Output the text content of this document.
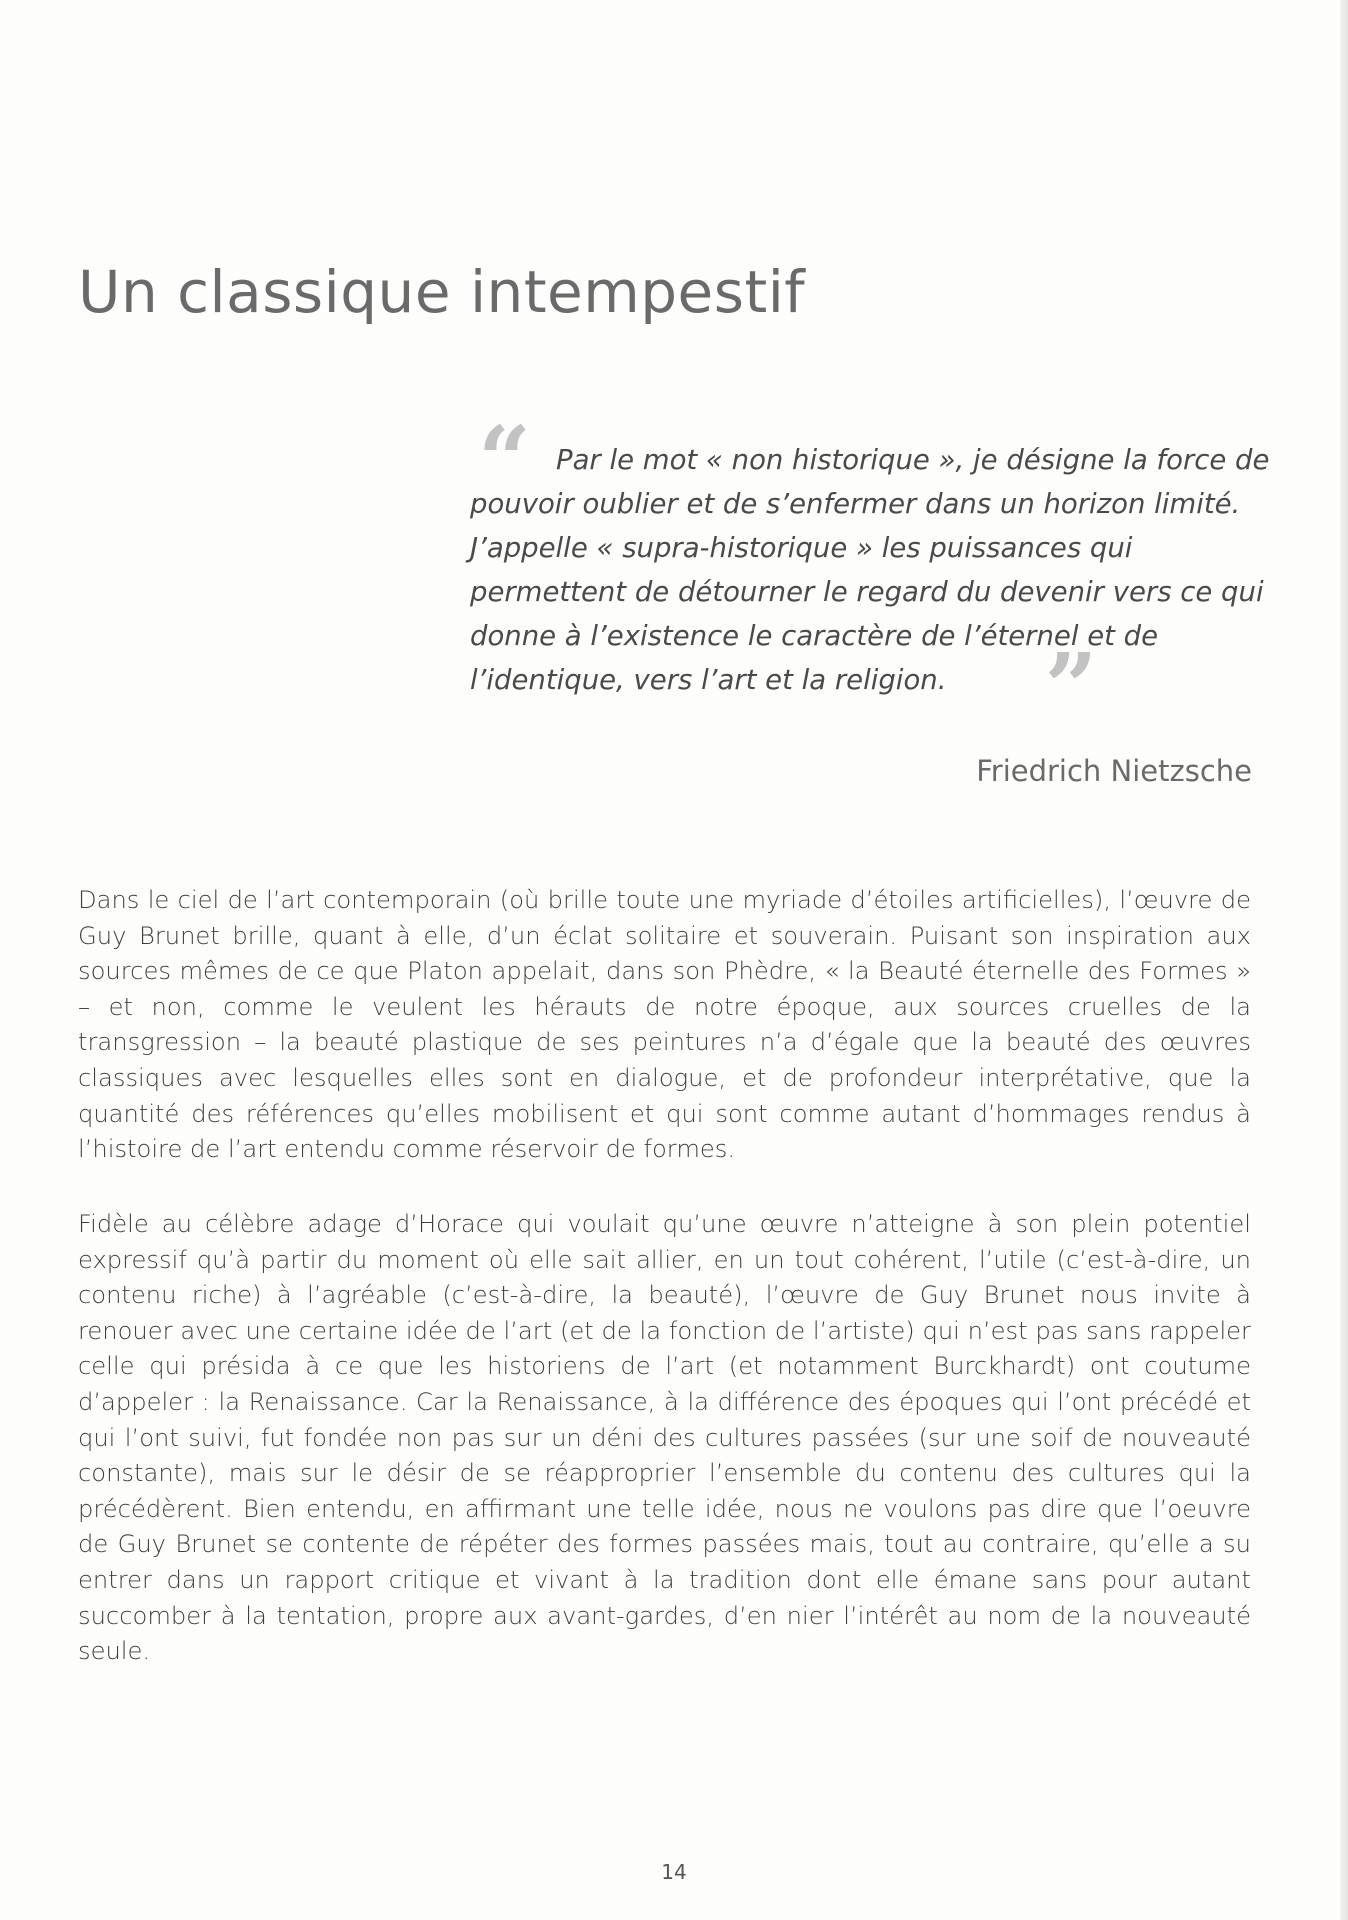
Un classique intempestif
“ Par le mot « non historique », je désigne la force de pouvoir oublier et de s’enfermer dans un horizon limité. J’appelle « supra-historique » les puissances qui permettent de détourner le regard du devenir vers ce qui donne à l’existence le caractère de l’éternel et de l’identique, vers l’art et la religion. ”

Friedrich Nietzsche

Dans le ciel de l’art contemporain (où brille toute une myriade d’étoiles artificielles), l’œuvre de Guy Brunet brille, quant à elle, d’un éclat solitaire et souverain. Puisant son inspiration aux sources mêmes de ce que Platon appelait, dans son Phèdre, « la Beauté éternelle des Formes » – et non, comme le veulent les hérauts de notre époque, aux sources cruelles de la transgression – la beauté plastique de ses peintures n’a d’égale que la beauté des œuvres classiques avec lesquelles elles sont en dialogue, et de profondeur interprétative, que la quantité des références qu’elles mobilisent et qui sont comme autant d’hommages rendus à l’histoire de l’art entendu comme réservoir de formes.

Fidèle au célèbre adage d’Horace qui voulait qu’une œuvre n’atteigne à son plein potentiel expressif qu’à partir du moment où elle sait allier, en un tout cohérent, l’utile (c’est-à-dire, un contenu riche) à l’agréable (c’est-à-dire, la beauté), l’œuvre de Guy Brunet nous invite à renouer avec une certaine idée de l’art (et de la fonction de l’artiste) qui n’est pas sans rappeler celle qui présida à ce que les historiens de l’art (et notamment Burckhardt) ont coutume d’appeler : la Renaissance. Car la Renaissance, à la différence des époques qui l’ont précédé et qui l’ont suivi, fut fondée non pas sur un déni des cultures passées (sur une soif de nouveauté constante), mais sur le désir de se réapproprier l’ensemble du contenu des cultures qui la précédèrent. Bien entendu, en affirmant une telle idée, nous ne voulons pas dire que l’oeuvre de Guy Brunet se contente de répéter des formes passées mais, tout au contraire, qu’elle a su entrer dans un rapport critique et vivant à la tradition dont elle émane sans pour autant succomber à la tentation, propre aux avant-gardes, d’en nier l’intérêt au nom de la nouveauté seule.

14
